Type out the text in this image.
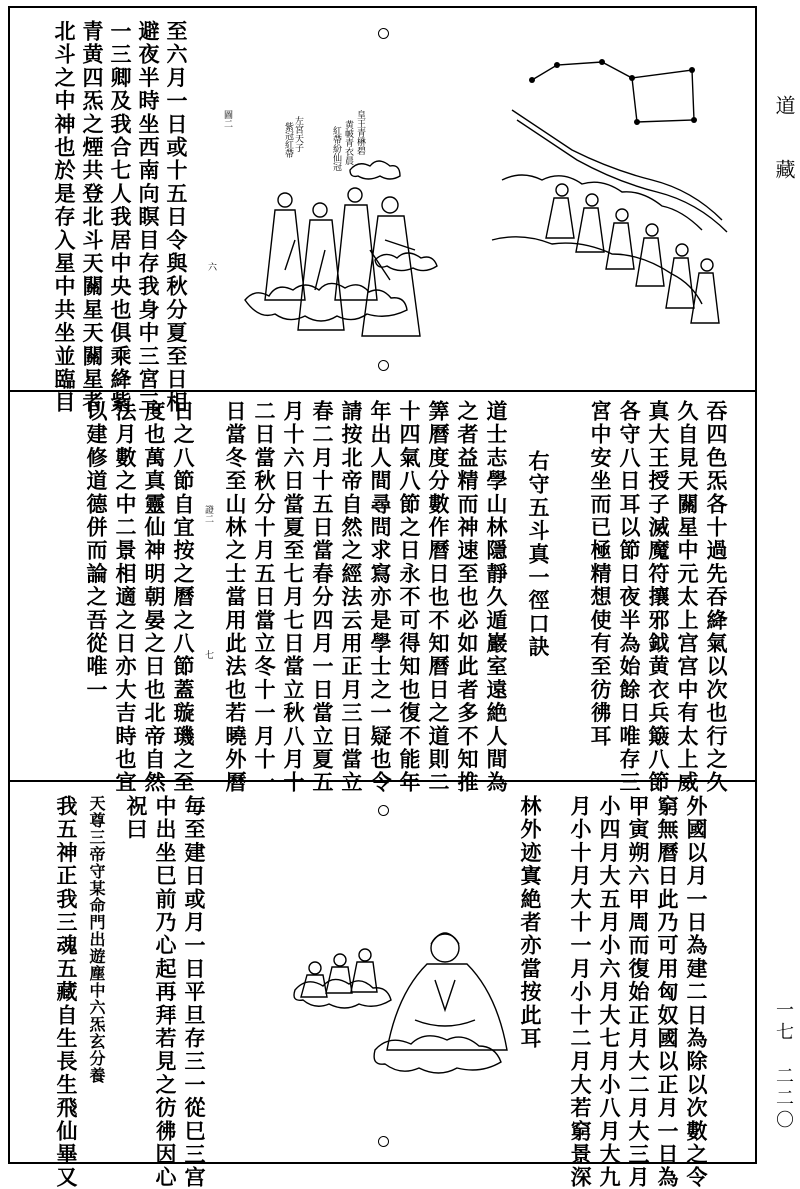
道　藏
一七　二二〇
至六月一日或十五日令與秋分夏至日相
避夜半時坐西南向瞑目存我身中三宮三
一三卿及我合七人我居中央也俱乘絳紫
青黄四炁之煙共登北斗天關星天關星者
北斗之中神也於是存入星中共坐並臨目	六
圖二	皇王青楙碧
黄帔青衣晨
紅帶紛仙冠
左宮天子
紫冠紅帶
吞四色炁各十過先吞絳氣以次也行之久
久自見天關星中元太上宫宫中有太上威
真大王授子滅魔符攘邪鉞黄衣兵簸八節
各守八日耳以節日夜半為始餘日唯存三
宮中安坐而已極精想使有至彷彿耳
右守五斗真一徑口訣
道士志學山林隱靜久遁巖室遠絶人間為
之者益精而神速至也必如此者多不知推
筭曆度分數作曆日也不知曆日之道則二
十四氣八節之日永不可得知也復不能年
年出人間尋問求寫亦是學士之一疑也令
請按北帝自然之經法云用正月三日當立
春二月十五日當春分四月一日當立夏五
月十六日當夏至七月七日當立秋八月十
二日當秋分十月五日當立冬十一月十一
日當冬至山林之士當用此法也若曉外曆
日之八節自宜按之曆之八節蓋璇璣之至
度也萬真靈仙神明朝晏之日也北帝自然
法月數之中二景相適之日亦大吉時也宜
以建修道德併而論之吾從唯一	證二
七
外國以月一日為建二日為除以次數之令
窮無曆日此乃可用匈奴國以正月一日為
甲寅朔六甲周而復始正月大二月大三月
小四月大五月小六月大七月小八月大九
月小十月大十一月小十二月大若窮景深
林外迹寘絶者亦當按此耳
毎至建日或月一日平旦存三一從巳三宫
中出坐巳前乃心起再拜若見之彷彿因心
祝曰
天尊三帝守某命門出遊塵中六炁玄分養
我五神正我三魂五藏自生長生飛仙畢又
